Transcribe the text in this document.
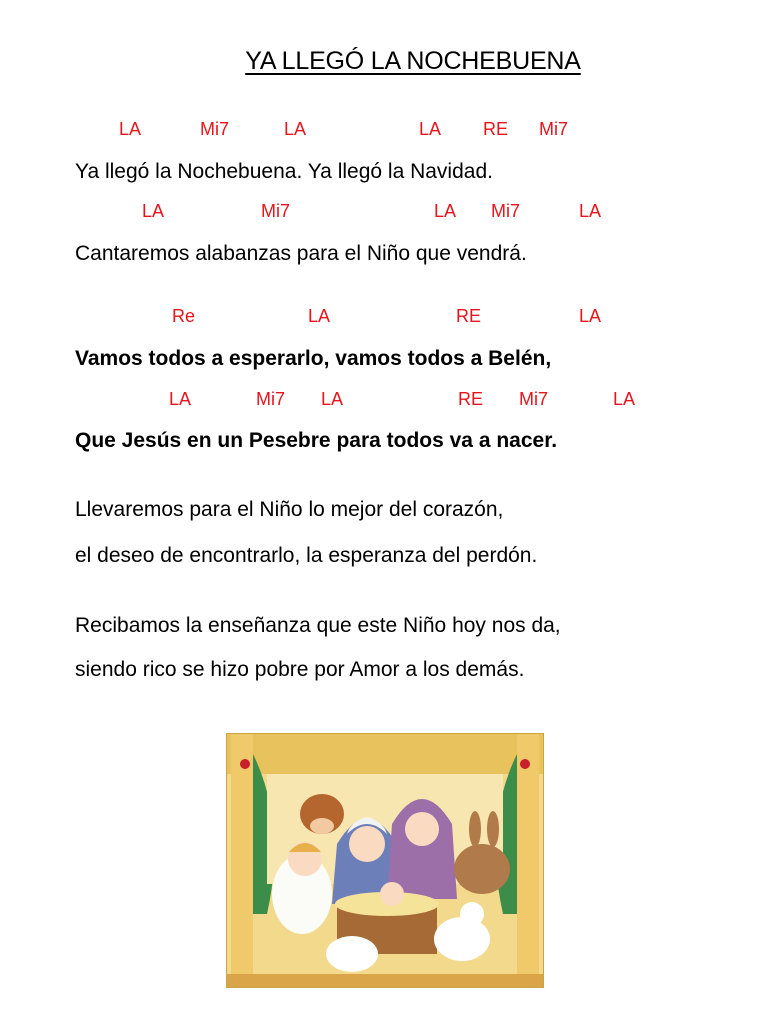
YA LLEGÓ LA NOCHEBUENA
LA	Mi7	LA	LA RE Mi7
Ya llegó la Nochebuena. Ya llegó la Navidad.
LA	Mi7	LA Mi7	LA
Cantaremos alabanzas para el Niño que vendrá.
Re	LA	RE	LA
Vamos todos a esperarlo, vamos todos a Belén,
LA	Mi7 LA	RE Mi7	LA
Que Jesús en un Pesebre para todos va a nacer.
Llevaremos para el Niño lo mejor del corazón,
el deseo de encontrarlo, la esperanza del perdón.
Recibamos la enseñanza que este Niño hoy nos da,
siendo rico se hizo pobre por Amor a los demás.
